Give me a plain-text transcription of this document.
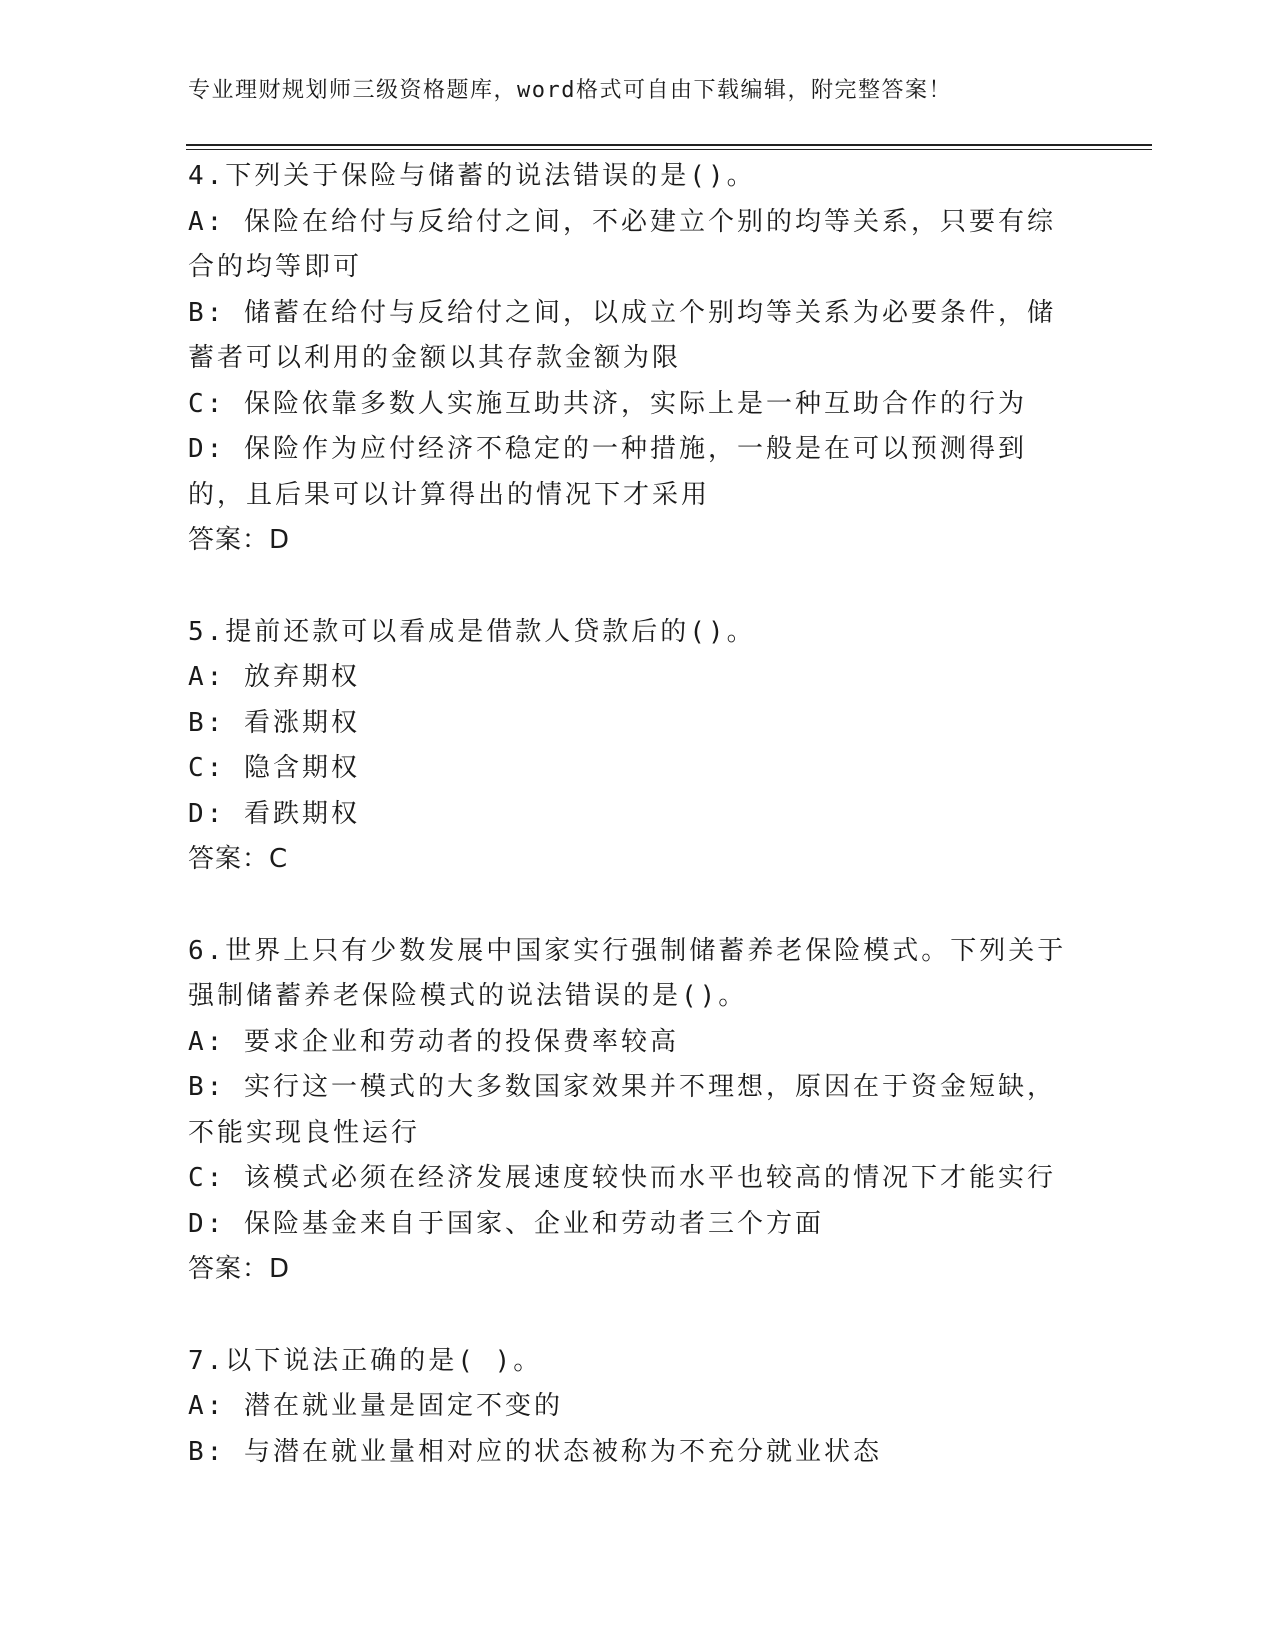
专业理财规划师三级资格题库，word格式可自由下载编辑，附完整答案！
4.下列关于保险与储蓄的说法错误的是()。
A: 保险在给付与反给付之间，不必建立个别的均等关系，只要有综合的均等即可
B: 储蓄在给付与反给付之间，以成立个别均等关系为必要条件，储蓄者可以利用的金额以其存款金额为限
C: 保险依靠多数人实施互助共济，实际上是一种互助合作的行为
D: 保险作为应付经济不稳定的一种措施，一般是在可以预测得到的，且后果可以计算得出的情况下才采用
答案：D
5.提前还款可以看成是借款人贷款后的()。
A: 放弃期权
B: 看涨期权
C: 隐含期权
D: 看跌期权
答案：C
6.世界上只有少数发展中国家实行强制储蓄养老保险模式。下列关于强制储蓄养老保险模式的说法错误的是()。
A: 要求企业和劳动者的投保费率较高
B: 实行这一模式的大多数国家效果并不理想，原因在于资金短缺，不能实现良性运行
C: 该模式必须在经济发展速度较快而水平也较高的情况下才能实行
D: 保险基金来自于国家、企业和劳动者三个方面
答案：D
7.以下说法正确的是( )。
A: 潜在就业量是固定不变的
B: 与潜在就业量相对应的状态被称为不充分就业状态
